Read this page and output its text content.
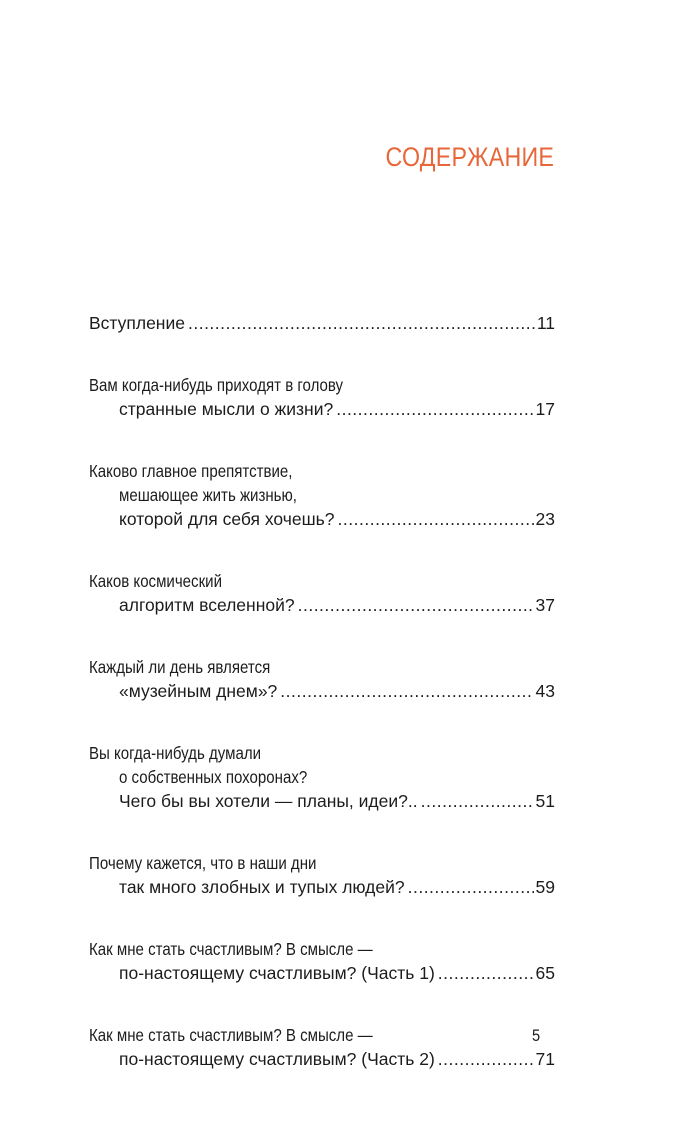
СОДЕРЖАНИЕ
Вступление .....	11
Вам когда-нибудь приходят в голову
странные мысли о жизни? .....	17
Каково главное препятствие,
мешающее жить жизнью,
которой для себя хочешь? .....	23
Каков космический
алгоритм вселенной? .....	37
Каждый ли день является
«музейным днем»? .....	43
Вы когда-нибудь думали
о собственных похоронах?
Чего бы вы хотели — планы, идеи?.. .....	51
Почему кажется, что в наши дни
так много злобных и тупых людей? .....	59
Как мне стать счастливым? В смысле —
по-настоящему счастливым? (Часть 1) .....	65
Как мне стать счастливым? В смысле —
по-настоящему счастливым? (Часть 2) .....	71
5
